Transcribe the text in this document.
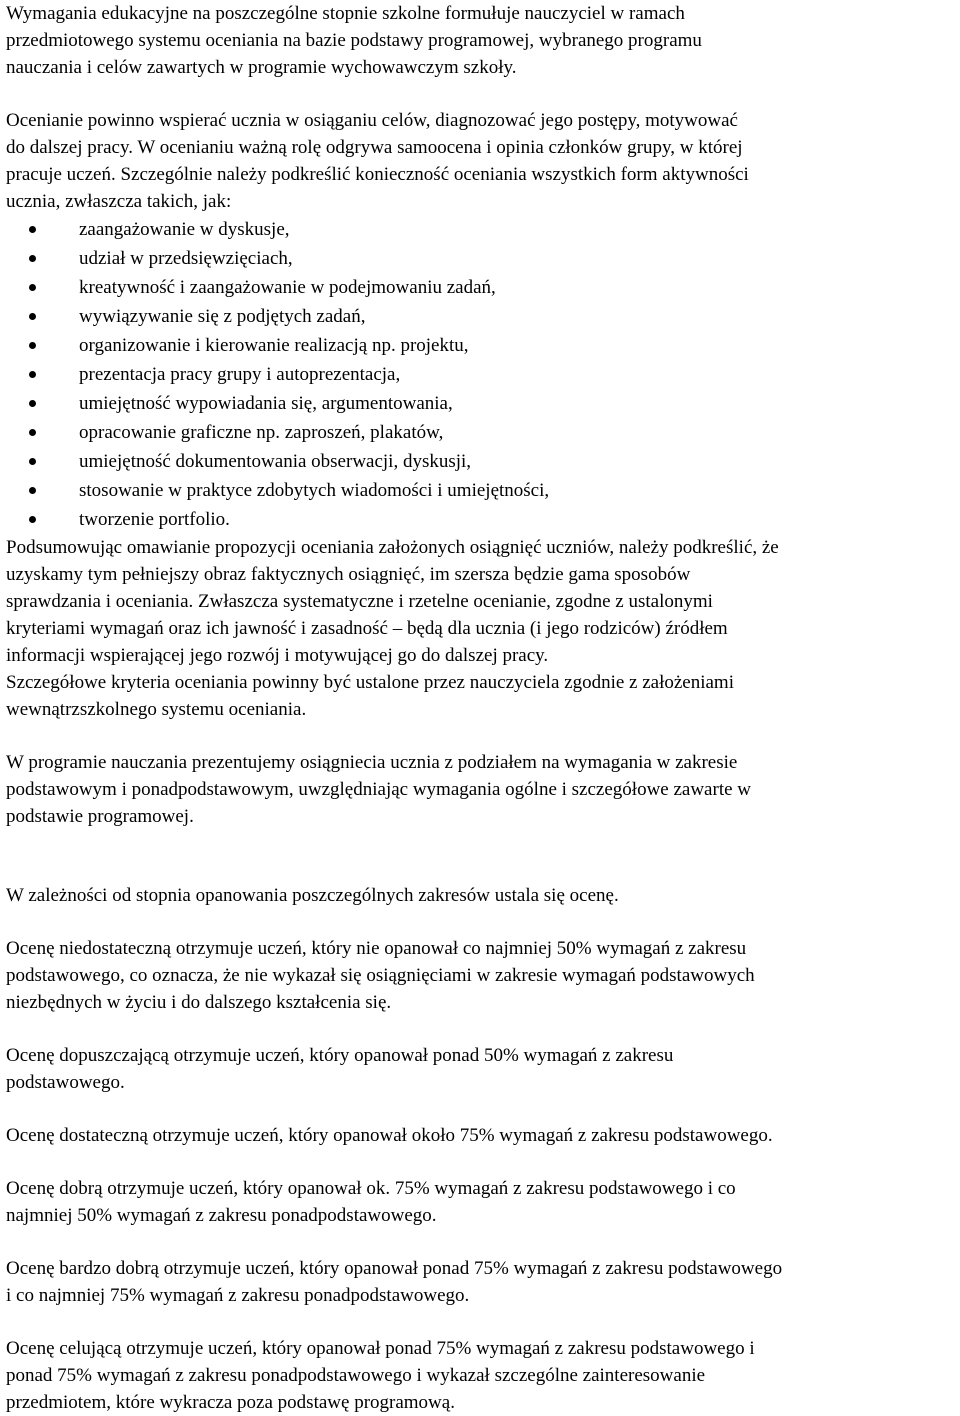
Wymagania edukacyjne na poszczególne stopnie szkolne formułuje nauczyciel w ramach
przedmiotowego systemu oceniania na bazie podstawy programowej, wybranego programu
nauczania i celów zawartych w programie wychowawczym szkoły.

Ocenianie powinno wspierać ucznia w osiąganiu celów, diagnozować jego postępy, motywować
do dalszej pracy. W ocenianiu ważną rolę odgrywa samoocena i opinia członków grupy, w której
pracuje uczeń. Szczególnie należy podkreślić konieczność oceniania wszystkich form aktywności
ucznia, zwłaszcza takich, jak:

zaangażowanie w dyskusje,
udział w przedsięwzięciach,
kreatywność i zaangażowanie w podejmowaniu zadań,
wywiązywanie się z podjętych zadań,
organizowanie i kierowanie realizacją np. projektu,
prezentacja pracy grupy i autoprezentacja,
umiejętność wypowiadania się, argumentowania,
opracowanie graficzne np. zaproszeń, plakatów,
umiejętność dokumentowania obserwacji, dyskusji,
stosowanie w praktyce zdobytych wiadomości i umiejętności,
tworzenie portfolio.

Podsumowując omawianie propozycji oceniania założonych osiągnięć uczniów, należy podkreślić, że
uzyskamy tym pełniejszy obraz faktycznych osiągnięć, im szersza będzie gama sposobów
sprawdzania i oceniania. Zwłaszcza systematyczne i rzetelne ocenianie, zgodne z ustalonymi
kryteriami wymagań oraz ich jawność i zasadność – będą dla ucznia (i jego rodziców) źródłem
informacji wspierającej jego rozwój i motywującej go do dalszej pracy.
Szczegółowe kryteria oceniania powinny być ustalone przez nauczyciela zgodnie z założeniami
wewnątrzszkolnego systemu oceniania.

W programie nauczania prezentujemy osiągniecia ucznia z podziałem na wymagania w zakresie
podstawowym i ponadpodstawowym, uwzględniając wymagania ogólne i szczegółowe zawarte w
podstawie programowej.

W zależności od stopnia opanowania poszczególnych zakresów ustala się ocenę.

Ocenę niedostateczną otrzymuje uczeń, który nie opanował co najmniej 50% wymagań z zakresu
podstawowego, co oznacza, że nie wykazał się osiągnięciami w zakresie wymagań podstawowych
niezbędnych w życiu i do dalszego kształcenia się.

Ocenę dopuszczającą otrzymuje uczeń, który opanował ponad 50% wymagań z zakresu
podstawowego.

Ocenę dostateczną otrzymuje uczeń, który opanował około 75% wymagań z zakresu podstawowego.

Ocenę dobrą otrzymuje uczeń, który opanował ok. 75% wymagań z zakresu podstawowego i co
najmniej 50% wymagań z zakresu ponadpodstawowego.

Ocenę bardzo dobrą otrzymuje uczeń, który opanował ponad 75% wymagań z zakresu podstawowego
i co najmniej 75% wymagań z zakresu ponadpodstawowego.

Ocenę celującą otrzymuje uczeń, który opanował ponad 75% wymagań z zakresu podstawowego i
ponad 75% wymagań z zakresu ponadpodstawowego i wykazał szczególne zainteresowanie
przedmiotem, które wykracza poza podstawę programową.
